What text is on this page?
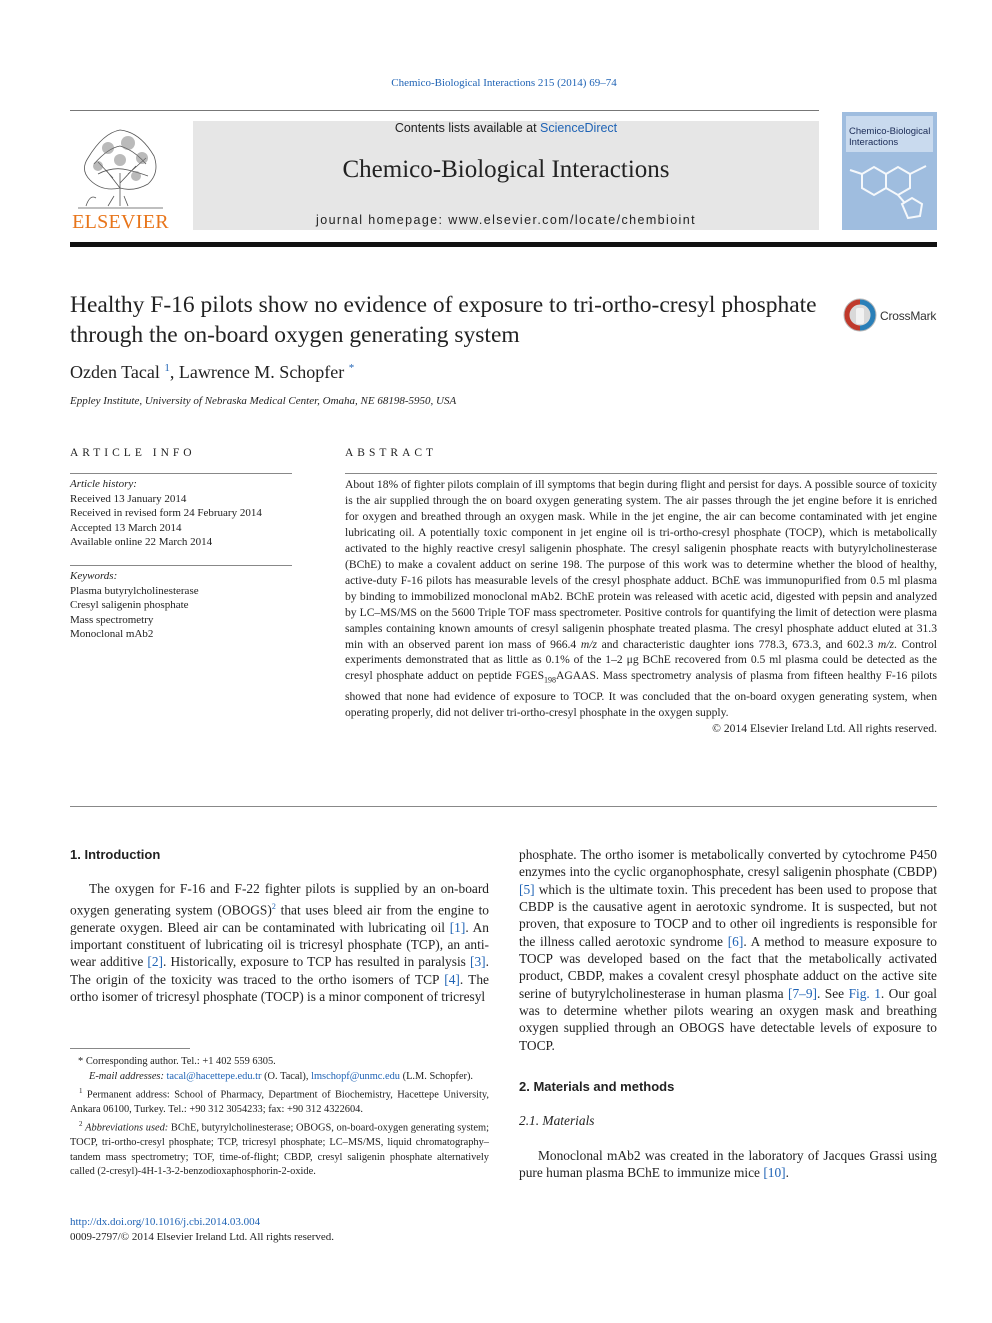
Chemico-Biological Interactions 215 (2014) 69–74
ELSEVIER
Contents lists available at ScienceDirect
Chemico-Biological Interactions
journal homepage: www.elsevier.com/locate/chembioint
Chemico-Biological Interactions
Healthy F-16 pilots show no evidence of exposure to tri-ortho-cresyl phosphate through the on-board oxygen generating system
CrossMark
Ozden Tacal $^1$, Lawrence M. Schopfer *
Eppley Institute, University of Nebraska Medical Center, Omaha, NE 68198-5950, USA
ARTICLE INFO	ABSTRACT
Article history:
Received 13 January 2014
Received in revised form 24 February 2014
Accepted 13 March 2014
Available online 22 March 2014
Keywords:
Plasma butyrylcholinesterase
Cresyl saligenin phosphate
Mass spectrometry
Monoclonal mAb2
About 18% of fighter pilots complain of ill symptoms that begin during flight and persist for days. A possible source of toxicity is the air supplied through the on board oxygen generating system. The air passes through the jet engine before it is enriched for oxygen and breathed through an oxygen mask. While in the jet engine, the air can become contaminated with jet engine lubricating oil. A potentially toxic component in jet engine oil is tri-ortho-cresyl phosphate (TOCP), which is metabolically activated to the highly reactive cresyl saligenin phosphate. The cresyl saligenin phosphate reacts with butyrylcholinesterase (BChE) to make a covalent adduct on serine 198. The purpose of this work was to determine whether the blood of healthy, active-duty F-16 pilots has measurable levels of the cresyl phosphate adduct. BChE was immunopurified from 0.5 ml plasma by binding to immobilized monoclonal mAb2. BChE protein was released with acetic acid, digested with pepsin and analyzed by LC–MS/MS on the 5600 Triple TOF mass spectrometer. Positive controls for quantifying the limit of detection were plasma samples containing known amounts of cresyl saligenin phosphate treated plasma. The cresyl phosphate adduct eluted at 31.3 min with an observed parent ion mass of 966.4 m/z and characteristic daughter ions 778.3, 673.3, and 602.3 m/z. Control experiments demonstrated that as little as 0.1% of the 1–2 μg BChE recovered from 0.5 ml plasma could be detected as the cresyl phosphate adduct on peptide $FGES_{198}AGAAS$. Mass spectrometry analysis of plasma from fifteen healthy F-16 pilots showed that none had evidence of exposure to TOCP. It was concluded that the on-board oxygen generating system, when operating properly, did not deliver tri-ortho-cresyl phosphate in the oxygen supply.
© 2014 Elsevier Ireland Ltd. All rights reserved.

1. Introduction

The oxygen for F-16 and F-22 fighter pilots is supplied by an on-board oxygen generating system (OBOGS)$^2$ that uses bleed air from the engine to generate oxygen. Bleed air can be contaminated with lubricating oil [1]. An important constituent of lubricating oil is tricresyl phosphate (TCP), an anti-wear additive [2]. Historically, exposure to TCP has resulted in paralysis [3]. The origin of the toxicity was traced to the ortho isomers of TCP [4]. The ortho isomer of tricresyl phosphate (TOCP) is a minor component of tricresyl

phosphate. The ortho isomer is metabolically converted by cytochrome P450 enzymes into the cyclic organophosphate, cresyl saligenin phosphate (CBDP) [5] which is the ultimate toxin. This precedent has been used to propose that CBDP is the causative agent in aerotoxic syndrome. It is suspected, but not proven, that exposure to TOCP and to other oil ingredients is responsible for the illness called aerotoxic syndrome [6]. A method to measure exposure to TOCP was developed based on the fact that the metabolically activated product, CBDP, makes a covalent cresyl phosphate adduct on the active site serine of butyrylcholinesterase in human plasma [7–9]. See Fig. 1. Our goal was to determine whether pilots wearing an oxygen mask and breathing oxygen supplied through an OBOGS have detectable levels of exposure to TOCP.

2. Materials and methods

2.1. Materials

Monoclonal mAb2 was created in the laboratory of Jacques Grassi using pure human plasma BChE to immunize mice [10].

* Corresponding author. Tel.: +1 402 559 6305.

E-mail addresses: tacal@hacettepe.edu.tr (O. Tacal), lmschopf@unmc.edu (L.M. Schopfer).

$^1$ Permanent address: School of Pharmacy, Department of Biochemistry, Hacettepe University, Ankara 06100, Turkey. Tel.: +90 312 3054233; fax: +90 312 4322604.

$^2$ Abbreviations used: BChE, butyrylcholinesterase; OBOGS, on-board-oxygen generating system; TOCP, tri-ortho-cresyl phosphate; TCP, tricresyl phosphate; LC–MS/MS, liquid chromatography–tandem mass spectrometry; TOF, time-of-flight; CBDP, cresyl saligenin phosphate alternatively called (2-cresyl)-4H-1-3-2-benzodioxaphosphorin-2-oxide.

http://dx.doi.org/10.1016/j.cbi.2014.03.004
0009-2797/© 2014 Elsevier Ireland Ltd. All rights reserved.
